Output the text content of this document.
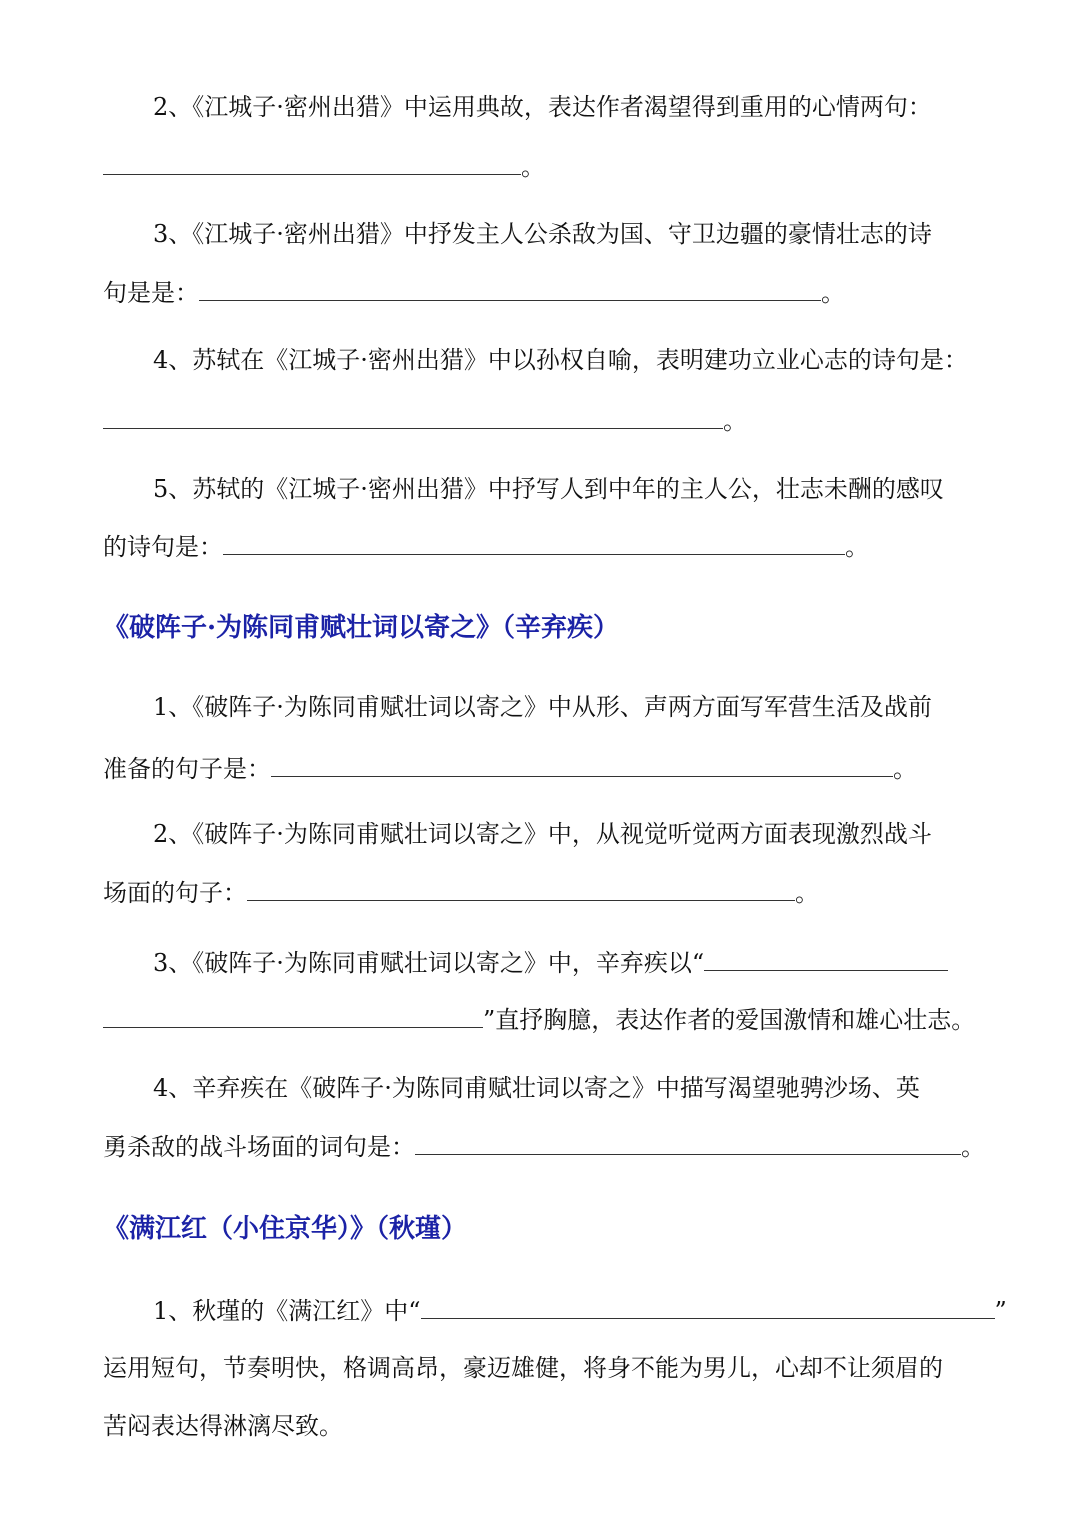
2、《江城子·密州出猎》中运用典故，表达作者渴望得到重用的心情两句：
。
3、《江城子·密州出猎》中抒发主人公杀敌为国、守卫边疆的豪情壮志的诗
句是是：	。
4、苏轼在《江城子·密州出猎》中以孙权自喻，表明建功立业心志的诗句是：
。
5、苏轼的《江城子·密州出猎》中抒写人到中年的主人公，壮志未酬的感叹
的诗句是：	。
《破阵子·为陈同甫赋壮词以寄之》（辛弃疾）
1、《破阵子·为陈同甫赋壮词以寄之》中从形、声两方面写军营生活及战前
准备的句子是：	。
2、《破阵子·为陈同甫赋壮词以寄之》中，从视觉听觉两方面表现激烈战斗
场面的句子：	。
3、《破阵子·为陈同甫赋壮词以寄之》中，辛弃疾以“
”直抒胸臆，表达作者的爱国激情和雄心壮志。
4、辛弃疾在《破阵子·为陈同甫赋壮词以寄之》中描写渴望驰骋沙场、英
勇杀敌的战斗场面的词句是：	。
《满江红（小住京华）》（秋瑾）
1、秋瑾的《满江红》中“	”
运用短句，节奏明快，格调高昂，豪迈雄健，将身不能为男儿，心却不让须眉的
苦闷表达得淋漓尽致。
